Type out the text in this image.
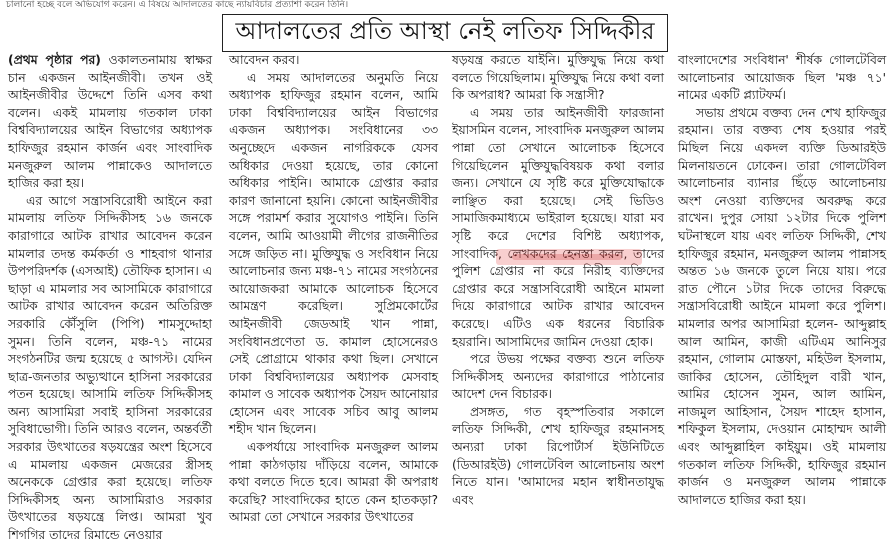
চালানো হচ্ছে বলে অভিযোগ করেন। এ বিষয়ে আদালতের কাছে ন্যায়বিচার প্রত্যাশা করেন তিনি।
আদালতের প্রতি আস্থা নেই লতিফ সিদ্দিকীর

(প্রথম পৃষ্ঠার পর) ওকালতনামায় স্বাক্ষর চান একজন আইনজীবী। তখন ওই আইনজীবীর উদ্দেশে তিনি এসব কথা বলেন। একই মামলায় গতকাল ঢাকা বিশ্ববিদ্যালয়ের আইন বিভাগের অধ্যাপক হাফিজুর রহমান কার্জন এবং সাংবাদিক মনজুরুল আলম পান্নাকেও আদালতে হাজির করা হয়।

এর আগে সন্ত্রাসবিরোধী আইনে করা মামলায় লতিফ সিদ্দিকীসহ ১৬ জনকে কারাগারে আটক রাখার আবেদন করেন মামলার তদন্ত কর্মকর্তা ও শাহবাগ থানার উপপরিদর্শক (এসআই) তৌফিক হাসান। এ ছাড়া এ মামলার সব আসামিকে কারাগারে আটক রাখার আবেদন করেন অতিরিক্ত সরকারি কৌঁসুলি (পিপি) শামসুদ্দোহা সুমন। তিনি বলেন, মঞ্চ-৭১ নামের সংগঠনটির জন্ম হয়েছে ৫ আগস্ট। যেদিন ছাত্র-জনতার অভ্যুত্থানে হাসিনা সরকারের পতন হয়েছে। আসামি লতিফ সিদ্দিকীসহ অন্য আসামিরা সবাই হাসিনা সরকারের সুবিধাভোগী। তিনি আরও বলেন, অন্তর্বর্তী সরকার উৎখাতের ষড়যন্ত্রের অংশ হিসেবে এ মামলায় একজন মেজরের স্ত্রীসহ অনেককে গ্রেপ্তার করা হয়েছে। লতিফ সিদ্দিকীসহ অন্য আসামিরাও সরকার উৎখাতের ষড়যন্ত্রে লিপ্ত। আমরা খুব শিগগির তাদের রিমান্ডে নেওয়ার

আবেদন করব।

এ সময় আদালতের অনুমতি নিয়ে অধ্যাপক হাফিজুর রহমান বলেন, আমি ঢাকা বিশ্ববিদ্যালয়ের আইন বিভাগের একজন অধ্যাপক। সংবিধানের ৩৩ অনুচ্ছেদে একজন নাগরিককে যেসব অধিকার দেওয়া হয়েছে, তার কোনো অধিকার পাইনি। আমাকে গ্রেপ্তার করার কারণ জানানো হয়নি। কোনো আইনজীবীর সঙ্গে পরামর্শ করার সুযোগও পাইনি। তিনি বলেন, আমি আওয়ামী লীগের রাজনীতির সঙ্গে জড়িত না। মুক্তিযুদ্ধ ও সংবিধান নিয়ে আলোচনার জন্য মঞ্চ-৭১ নামের সংগঠনের আয়োজকরা আমাকে আলোচক হিসেবে আমন্ত্রণ করেছিল। সুপ্রিমকোর্টের আইনজীবী জেডআই খান পান্না, সংবিধানপ্রণেতা ড. কামাল হোসেনেরও সেই প্রোগ্রামে থাকার কথা ছিল। সেখানে ঢাকা বিশ্ববিদ্যালয়ের অধ্যাপক মেসবাহ কামাল ও সাবেক অধ্যাপক সৈয়দ আনোয়ার হোসেন এবং সাবেক সচিব আবু আলম শহীদ খান ছিলেন।

একপর্যায়ে সাংবাদিক মনজুরুল আলম পান্না কাঠগড়ায় দাঁড়িয়ে বলেন, আমাকে কথা বলতে দিতে হবে। আমরা কী অপরাধ করেছি? সাংবাদিকের হাতে কেন হাতকড়া? আমরা তো সেখানে সরকার উৎখাতের

ষড়যন্ত্র করতে যাইনি। মুক্তিযুদ্ধ নিয়ে কথা বলতে গিয়েছিলাম। মুক্তিযুদ্ধ নিয়ে কথা বলা কি অপরাধ? আমরা কি সন্ত্রাসী?

এ সময় তার আইনজীবী ফারজানা ইয়াসমিন বলেন, সাংবাদিক মনজুরুল আলম পান্না তো সেখানে আলোচক হিসেবে গিয়েছিলেন মুক্তিযুদ্ধবিষয়ক কথা বলার জন্য। সেখানে যে সৃষ্টি করে মুক্তিযোদ্ধাকে লাঞ্ছিত করা হয়েছে। সেই ভিডিও সামাজিকমাধ্যমে ভাইরাল হয়েছে। যারা মব সৃষ্টি করে দেশের বিশিষ্ট অধ্যাপক, সাংবাদিক, লেখকদের হেনস্তা করল, তাদের পুলিশ গ্রেপ্তার না করে নিরীহ ব্যক্তিদের গ্রেপ্তার করে সন্ত্রাসবিরোধী আইনে মামলা দিয়ে কারাগারে আটক রাখার আবেদন করেছে। এটিও এক ধরনের বিচারিক হয়রানি। আসামিদের জামিন দেওয়া হোক।

পরে উভয় পক্ষের বক্তব্য শুনে লতিফ সিদ্দিকীসহ অন্যদের কারাগারে পাঠানোর আদেশ দেন বিচারক।

প্রসঙ্গত, গত বৃহস্পতিবার সকালে লতিফ সিদ্দিকী, শেখ হাফিজুর রহমানসহ অন্যরা ঢাকা রিপোর্টার্স ইউনিটিতে (ডিআরইউ) গোলটেবিল আলোচনায় অংশ নিতে যান। 'আমাদের মহান স্বাধীনতাযুদ্ধ এবং

বাংলাদেশের সংবিধান' শীর্ষক গোলটেবিল আলোচনার আয়োজক ছিল 'মঞ্চ ৭১' নামের একটি প্ল্যাটফর্ম।

সভায় প্রথমে বক্তব্য দেন শেখ হাফিজুর রহমান। তার বক্তব্য শেষ হওয়ার পরই মিছিল নিয়ে একদল ব্যক্তি ডিআরইউ মিলনায়তনে ঢোকেন। তারা গোলটেবিল আলোচনার ব্যানার ছিঁড়ে আলোচনায় অংশ নেওয়া ব্যক্তিদের অবরুদ্ধ করে রাখেন। দুপুর সোয়া ১২টার দিকে পুলিশ ঘটনাস্থলে যায় এবং লতিফ সিদ্দিকী, শেখ হাফিজুর রহমান, মনজুরুল আলম পান্নাসহ অন্তত ১৬ জনকে তুলে নিয়ে যায়। পরে রাত পৌনে ১টার দিকে তাদের বিরুদ্ধে সন্ত্রাসবিরোধী আইনে মামলা করে পুলিশ। মামলার অপর আসামিরা হলেন- আব্দুল্লাহ আল আমিন, কাজী এটিএম আনিসুর রহমান, গোলাম মোস্তফা, মহিউল ইসলাম, জাকির হোসেন, তৌহিদুল বারী খান, আমির হোসেন সুমন, আল আমিন, নাজমুল আহিসান, সৈয়দ শাহেদ হাসান, শফিকুল ইসলাম, দেওয়ান মোহাম্মদ আলী এবং আব্দুল্লাহিল কাইয়ুম। ওই মামলায় গতকাল লতিফ সিদ্দিকী, হাফিজুর রহমান কার্জন ও মনজুরুল আলম পান্নাকে আদালতে হাজির করা হয়।
